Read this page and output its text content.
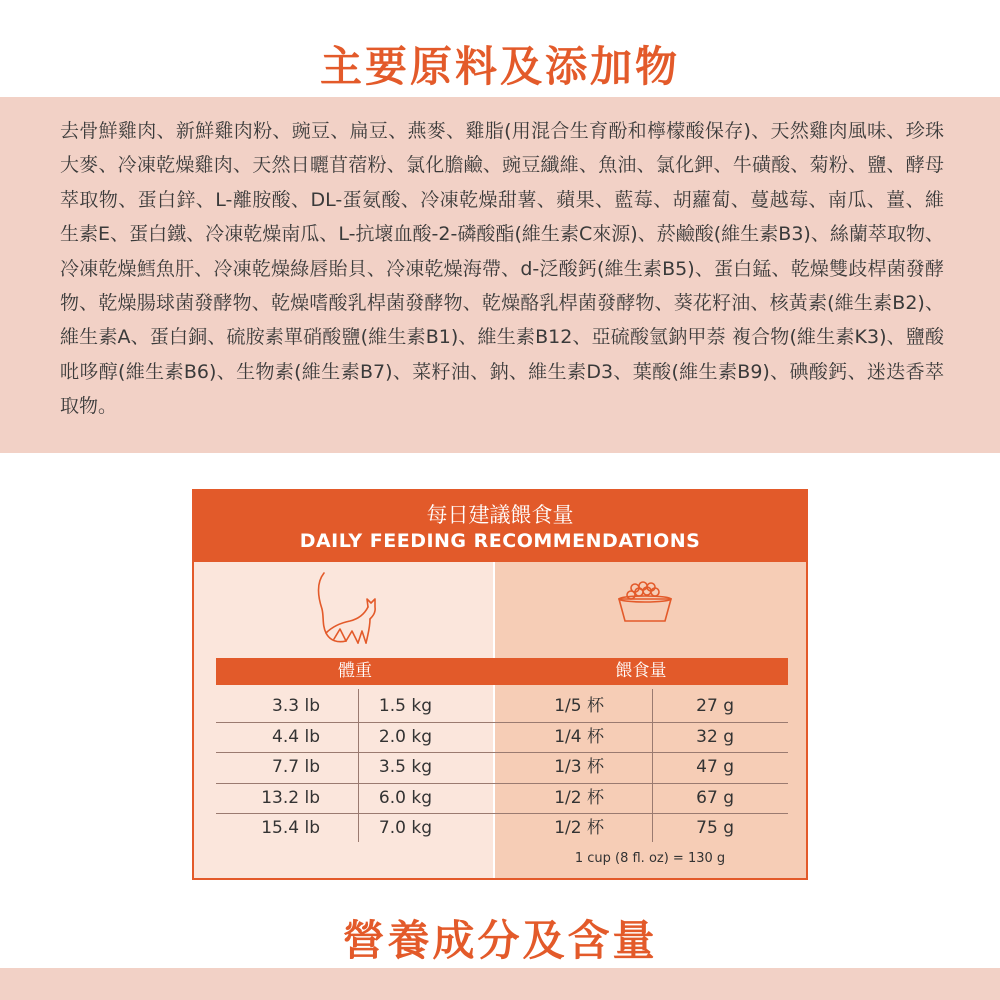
主要原料及添加物

去骨鮮雞肉、新鮮雞肉粉、豌豆、扁豆、燕麥、雞脂(用混合生育酚和檸檬酸保存)、天然雞肉風味、珍珠大麥、冷凍乾燥雞肉、天然日曬苜蓿粉、氯化膽鹼、豌豆纖維、魚油、氯化鉀、牛磺酸、菊粉、鹽、酵母萃取物、蛋白鋅、L-離胺酸、DL-蛋氨酸、冷凍乾燥甜薯、蘋果、藍莓、胡蘿蔔、蔓越莓、南瓜、薑、維生素E、蛋白鐵、冷凍乾燥南瓜、L-抗壞血酸-2-磷酸酯(維生素C來源)、菸鹼酸(維生素B3)、絲蘭萃取物、冷凍乾燥鱈魚肝、冷凍乾燥綠唇貽貝、冷凍乾燥海帶、d-泛酸鈣(維生素B5)、蛋白錳、乾燥雙歧桿菌發酵物、乾燥腸球菌發酵物、乾燥嗜酸乳桿菌發酵物、乾燥酪乳桿菌發酵物、葵花籽油、核黃素(維生素B2)、維生素A、蛋白銅、硫胺素單硝酸鹽(維生素B1)、維生素B12、亞硫酸氫鈉甲萘 複合物(維生素K3)、鹽酸吡哆醇(維生素B6)、生物素(維生素B7)、菜籽油、鈉、維生素D3、葉酸(維生素B9)、碘酸鈣、迷迭香萃取物。

每日建議餵食量
DAILY FEEDING RECOMMENDATIONS
體重	餵食量
3.3 lb	1.5 kg	1/5 杯	27 g
4.4 lb	2.0 kg	1/4 杯	32 g
7.7 lb	3.5 kg	1/3 杯	47 g
13.2 lb	6.0 kg	1/2 杯	67 g
15.4 lb	7.0 kg	1/2 杯	75 g
1 cup (8 fl. oz) = 130 g
營養成分及含量
